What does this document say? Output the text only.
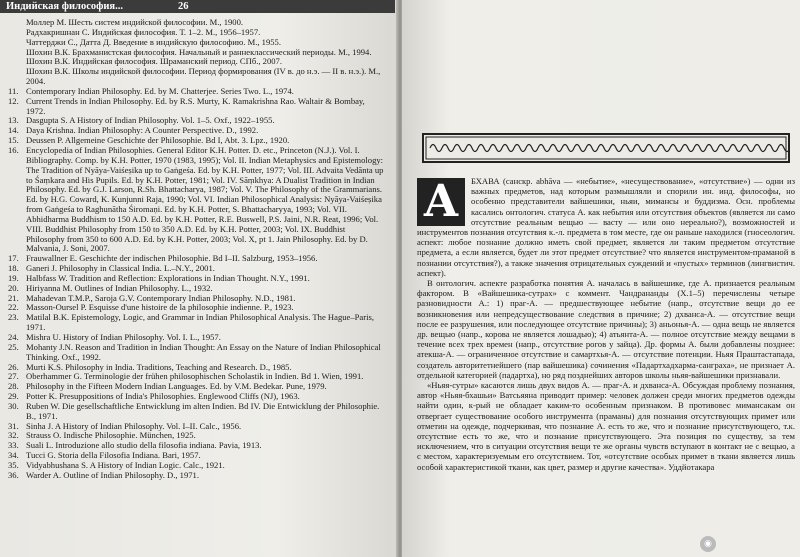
Индийская философия...	26
Моллер М. Шесть систем индийской философии. М., 1900.
Радхакришнан С. Индийская философия. Т. 1–2. М., 1956–1957.
Чаттерджи С., Датта Д. Введение в индийскую философию. М., 1955.
Шохин В.К. Брахманистская философия. Начальный и раннеклассический периоды. М., 1994.
Шохин В.К. Индийская философия. Шраманский период. СПб., 2007.
Шохин В.К. Школы индийской философии. Период формирования (IV в. до н.э. — II в. н.э.). М., 2004.
11. Contemporary Indian Philosophy. Ed. by M. Chatterjee. Series Two. L., 1974.
12. Current Trends in Indian Philosophy. Ed. by R.S. Murty, K. Ramakrishna Rao. Waltair & Bombay, 1972.
13. Dasgupta S. A History of Indian Philosophy. Vol. 1–5. Oxf., 1922–1955.
14. Daya Krishna. Indian Philosophy: A Counter Perspective. D., 1992.
15. Deussen P. Allgemeine Geschichte der Philosophie. Bd I, Abt. 3. Lpz., 1920.
16. Encyclopedia of Indian Philosophies. General Editor K.H. Potter. D. etc., Princeton (N.J.). Vol. I. Bibliography. Comp. by K.H. Potter, 1970 (1983, 1995); Vol. II. Indian Metaphysics and Epistemology: The Tradition of Nyāya-Vaiśeṣika up to Gaṅgeśa. Ed. by K.H. Potter, 1977; Vol. III. Advaita Vedānta up to Śaṃkara and His Pupils. Ed. by K.H. Potter, 1981; Vol. IV. Sāṃkhya: A Dualist Tradition in Indian Philosophy. Ed. by G.J. Larson, R.Sh. Bhattacharya, 1987; Vol. V. The Philosophy of the Grammarians. Ed. by H.G. Coward, K. Kunjunni Raja, 1990; Vol. VI. Indian Philosophical Analysis: Nyāya-Vaiśeṣika from Gaṅgeśa to Raghunātha Śiromaṇi. Ed. by K.H. Potter, S. Bhattacharyya, 1993; Vol. VII. Abhidharma Buddhism to 150 A.D. Ed. by K.H. Potter, R.E. Buswell, P.S. Jaini, N.R. Reat, 1996; Vol. VIII. Buddhist Philosophy from 150 to 350 A.D. Ed. by K.H. Potter, 2003; Vol. IX. Buddhist Philosophy from 350 to 600 A.D. Ed. by K.H. Potter, 2003; Vol. X, pt 1. Jain Philosophy. Ed. by D. Malvania, J. Soni, 2007.
17. Frauwallner E. Geschichte der indischen Philosophie. Bd I–II. Salzburg, 1953–1956.
18. Ganeri J. Philosophy in Classical India. L.–N.Y., 2001.
19. Halbfass W. Tradition and Reflection: Explorations in Indian Thought. N.Y., 1991.
20. Hiriyanna M. Outlines of Indian Philosophy. L., 1932.
21. Mahadevan T.M.P., Saroja G.V. Contemporary Indian Philosophy. N.D., 1981.
22. Masson-Oursel P. Esquisse d'une histoire de la philosophie indienne. P., 1923.
23. Matilal B.K. Epistemology, Logic, and Grammar in Indian Philosophical Analysis. The Hague–Paris, 1971.
24. Mishra U. History of Indian Philosophy. Vol. I. L., 1957.
25. Mohanty J.N. Reason and Tradition in Indian Thought: An Essay on the Nature of Indian Philosophical Thinking. Oxf., 1992.
26. Murti K.S. Philosophy in India. Traditions, Teaching and Research. D., 1985.
27. Oberhammer G. Terminologie der frühen philosophischen Scholastik in Indien. Bd 1. Wien, 1991.
28. Philosophy in the Fifteen Modern Indian Languages. Ed. by V.M. Bedekar. Pune, 1979.
29. Potter K. Presuppositions of India's Philosophies. Englewood Cliffs (NJ), 1963.
30. Ruben W. Die gesellschaftliche Entwicklung im alten Indien. Bd IV. Die Entwicklung der Philosophie. B., 1971.
31. Sinha J. A History of Indian Philosophy. Vol. I–II. Calc., 1956.
32. Strauss O. Indische Philosophie. München, 1925.
33. Suali L. Introduzione allo studio della filosofia indiana. Pavia, 1913.
34. Tucci G. Storia della Filosofia Indiana. Bari, 1957.
35. Vidyabhushana S. A History of Indian Logic. Calc., 1921.
36. Warder A. Outline of Indian Philosophy. D., 1971.
А	БХАВА (санскр. abhāva — «небытие», «несуществование», «отсутствие») — одни из важных предметов, над которым размышляли и спорили ин. инд. философы, но особенно представители вайшешики, ньяи, мимансы и буддизма. Осн. проблемы касались онтологич. статуса А. как небытия или отсутствия объектов (является ли само отсутствие реальным вещью — васту — или оно нереально?), возможностей и инструментов познания отсутствия к.-л. предмета в том месте, где он раньше находился (гносеологич. аспект: любое познание должно иметь свой предмет, является ли таким предметом отсутствие предмета, а если является, будет ли этот предмет отсутствие? что является инструментом-праманой в познании отсутствия?), а также значения отрицательных суждений и «пустых» терминов (лингвистич. аспект).

В онтологич. аспекте разработка понятия А. началась в вайшешике, где А. признается реальным фактором. В «Вайшешика-сутрах» с коммент. Чандрананды (Х.1–5) перечислены четыре разновидности А.: 1) праг-А. — предшествующее небытие (напр., отсутствие вещи до ее возникновения или непредсуществование следствия в причине; 2) дхванса-А. — отсутствие вещи после ее разрушения, или последующее отсутствие причины); 3) аньонья-А. — одна вещь не является др. вещью (напр., корова не является лошадью); 4) атьянта-А. — полное отсутствие между вещами в течение всех трех времен (напр., отсутствие рогов у зайца). Др. формы А. были добавлены позднее: атекша-А. — ограниченное отсутствие и самартхья-А. — отсутствие потенции. Ньяя Праштастапада, создатель авторитетнейшего (пар вайшешика) сочинения «Падартхадхарма-санграха», не признает А. отдельной категорией (падартха), но ряд позднейших авторов школы ньяя-вайшешики признавали.

«Ньяя-сутры» касаются лишь двух видов А. — праг-А. и дхванса-А. Обсуждая проблему познания, автор «Ньяя-бхашьи» Ватсьяяна приводит пример: человек должен среди многих предметов одежды найти один, к-рый не обладает каким-то особенным признаком. В противовес мимансакам он отвергает существование особого инструмента (праманы) для познания отсутствующих примет или отметин на одежде, подчеркивая, что познание А. есть то же, что и познание присутствующего, т.к. отсутствие есть то же, что и познание присутствующего. Эта позиция по существу, за тем исключением, что в ситуации отсутствия вещи те же органы чувств вступают в контакт не с вещью, а с местом, характеризуемым его отсутствием. Тот, «отсутствие особых примет в ткани является лишь особой характеристикой ткани, как цвет, размер и другие качества». Уддйотакара

◉
